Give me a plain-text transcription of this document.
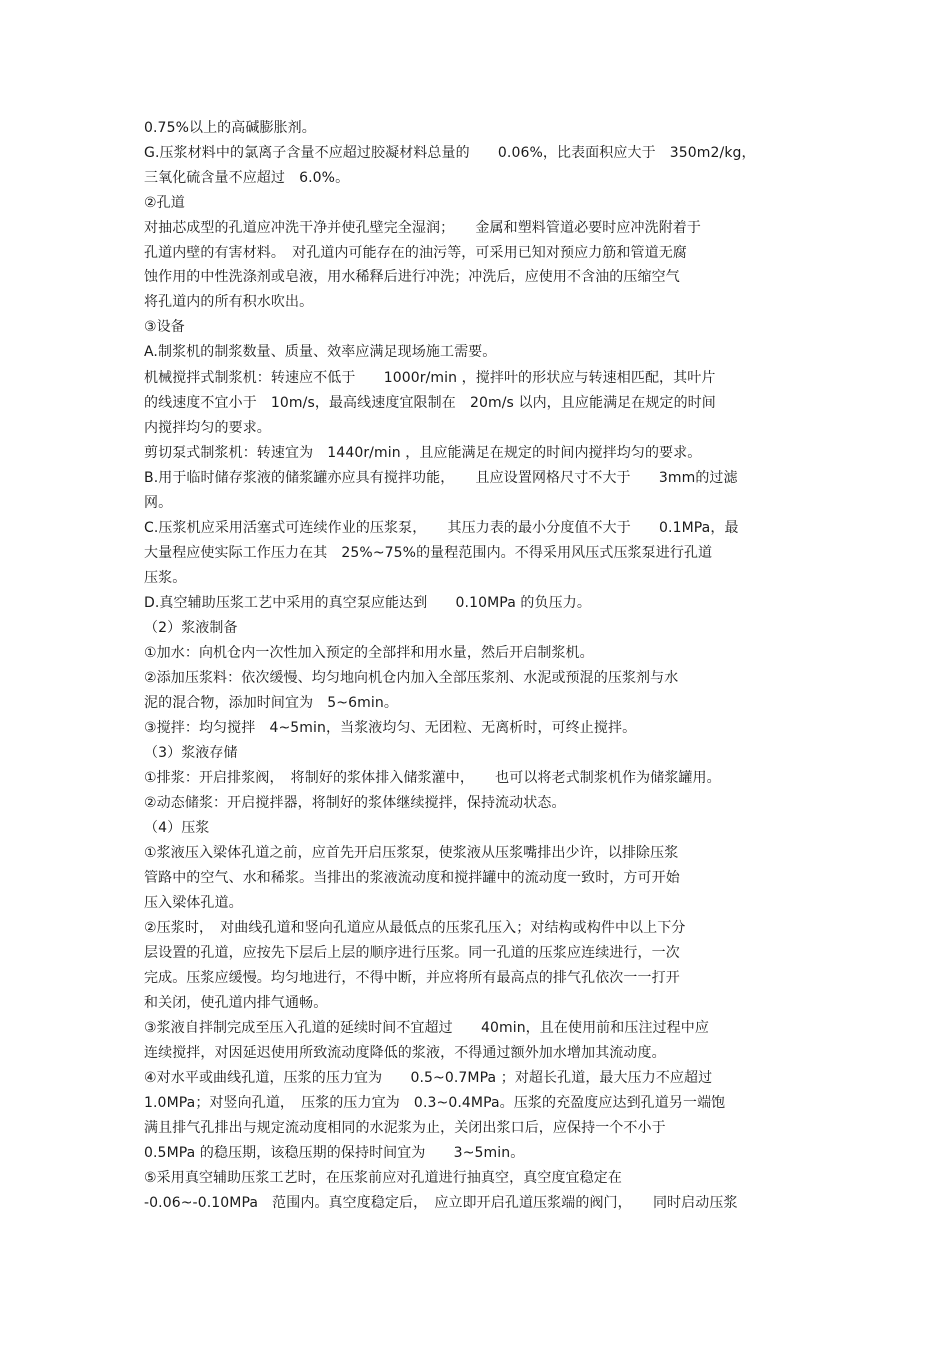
0.75%以上的高碱膨胀剂。
G.压浆材料中的氯离子含量不应超过胶凝材料总量的　　0.06%，比表面积应大于　350m2/kg，
三氧化硫含量不应超过　6.0%。
②孔道
对抽芯成型的孔道应冲洗干净并使孔壁完全湿润；　　金属和塑料管道必要时应冲洗附着于
孔道内壁的有害材料。　对孔道内可能存在的油污等，可采用已知对预应力筋和管道无腐
蚀作用的中性洗涤剂或皂液，用水稀释后进行冲洗；冲洗后，应使用不含油的压缩空气
将孔道内的所有积水吹出。
③设备
A.制浆机的制浆数量、质量、效率应满足现场施工需要。
机械搅拌式制浆机：转速应不低于　　1000r/min ，搅拌叶的形状应与转速相匹配，其叶片
的线速度不宜小于　10m/s，最高线速度宜限制在　20m/s 以内，且应能满足在规定的时间
内搅拌均匀的要求。
剪切泵式制浆机：转速宜为　1440r/min ，且应能满足在规定的时间内搅拌均匀的要求。
B.用于临时储存浆液的储浆罐亦应具有搅拌功能，　　且应设置网格尺寸不大于　　3mm的过滤
网。
C.压浆机应采用活塞式可连续作业的压浆泵，　　其压力表的最小分度值不大于　　0.1MPa，最
大量程应使实际工作压力在其　25%~75%的量程范围内。不得采用风压式压浆泵进行孔道
压浆。
D.真空辅助压浆工艺中采用的真空泵应能达到　　0.10MPa 的负压力。
（2）浆液制备
①加水：向机仓内一次性加入预定的全部拌和用水量，然后开启制浆机。
②添加压浆料：依次缓慢、均匀地向机仓内加入全部压浆剂、水泥或预混的压浆剂与水
泥的混合物，添加时间宜为　5~6min。
③搅拌：均匀搅拌　4~5min，当浆液均匀、无团粒、无离析时，可终止搅拌。
（3）浆液存储
①排浆：开启排浆阀，　将制好的浆体排入储浆灌中，　　也可以将老式制浆机作为储浆罐用。
②动态储浆：开启搅拌器，将制好的浆体继续搅拌，保持流动状态。
（4）压浆
①浆液压入梁体孔道之前，应首先开启压浆泵，使浆液从压浆嘴排出少许，以排除压浆
管路中的空气、水和稀浆。当排出的浆液流动度和搅拌罐中的流动度一致时，方可开始
压入梁体孔道。
②压浆时，　对曲线孔道和竖向孔道应从最低点的压浆孔压入；对结构或构件中以上下分
层设置的孔道，应按先下层后上层的顺序进行压浆。同一孔道的压浆应连续进行，一次
完成。压浆应缓慢。均匀地进行，不得中断，并应将所有最高点的排气孔依次一一打开
和关闭，使孔道内排气通畅。
③浆液自拌制完成至压入孔道的延续时间不宜超过　　40min，且在使用前和压注过程中应
连续搅拌，对因延迟使用所致流动度降低的浆液，不得通过额外加水增加其流动度。
④对水平或曲线孔道，压浆的压力宜为　　0.5~0.7MPa ；对超长孔道，最大压力不应超过
1.0MPa；对竖向孔道，　压浆的压力宜为　0.3~0.4MPa。压浆的充盈度应达到孔道另一端饱
满且排气孔排出与规定流动度相同的水泥浆为止，关闭出浆口后，应保持一个不小于
0.5MPa 的稳压期，该稳压期的保持时间宜为　　3~5min。
⑤采用真空辅助压浆工艺时，在压浆前应对孔道进行抽真空，真空度宜稳定在
-0.06~-0.10MPa　范围内。真空度稳定后，　应立即开启孔道压浆端的阀门，　　同时启动压浆
